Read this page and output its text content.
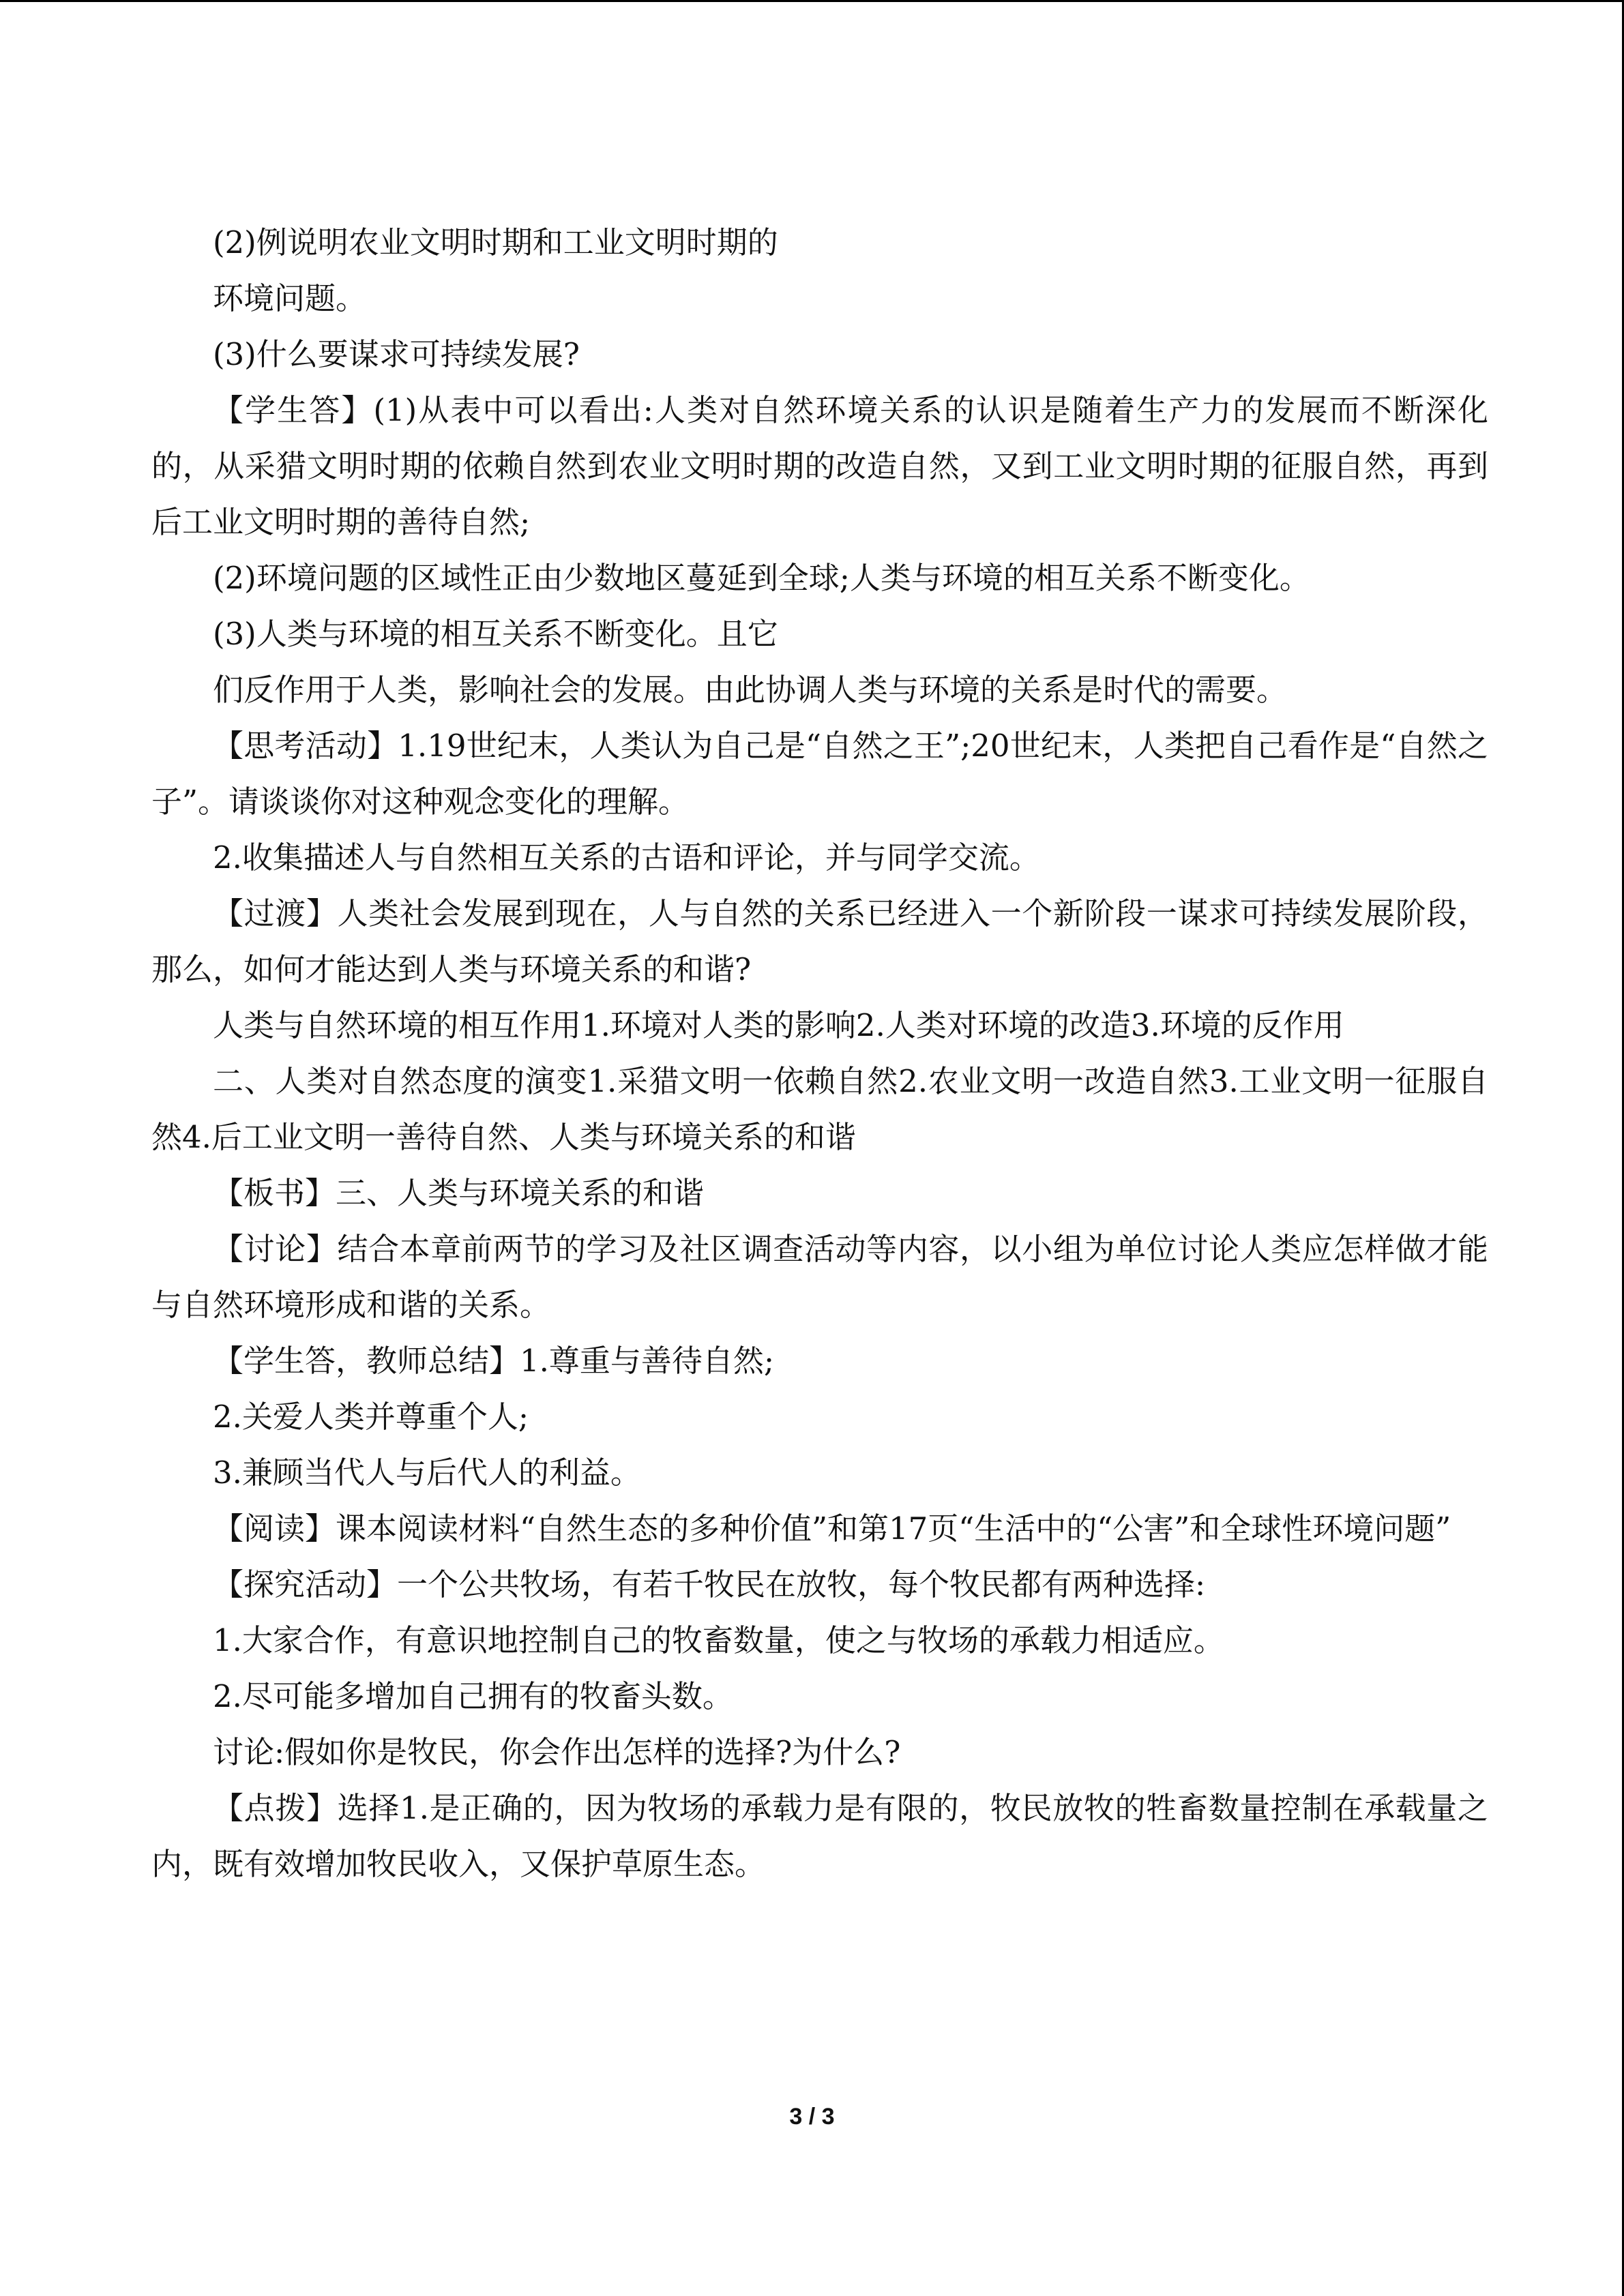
(2)例说明农业文明时期和工业文明时期的

环境问题。

(3)什么要谋求可持续发展?

【学生答】(1)从表中可以看出:人类对自然环境关系的认识是随着生产力的发展而不断深化的，从采猎文明时期的依赖自然到农业文明时期的改造自然，又到工业文明时期的征服自然，再到后工业文明时期的善待自然;

(2)环境问题的区域性正由少数地区蔓延到全球;人类与环境的相互关系不断变化。

(3)人类与环境的相互关系不断变化。且它

们反作用于人类，影响社会的发展。由此协调人类与环境的关系是时代的需要。

【思考活动】1.19世纪末，人类认为自己是“自然之王”;20世纪末，人类把自己看作是“自然之子”。请谈谈你对这种观念变化的理解。

2.收集描述人与自然相互关系的古语和评论，并与同学交流。

【过渡】人类社会发展到现在，人与自然的关系已经进入一个新阶段一谋求可持续发展阶段，那么，如何才能达到人类与环境关系的和谐?

人类与自然环境的相互作用1.环境对人类的影响2.人类对环境的改造3.环境的反作用

二、人类对自然态度的演变1.采猎文明一依赖自然2.农业文明一改造自然3.工业文明一征服自然4.后工业文明一善待自然、人类与环境关系的和谐

【板书】三、人类与环境关系的和谐

【讨论】结合本章前两节的学习及社区调查活动等内容，以小组为单位讨论人类应怎样做才能与自然环境形成和谐的关系。

【学生答，教师总结】1.尊重与善待自然;

2.关爱人类并尊重个人;

3.兼顾当代人与后代人的利益。

【阅读】课本阅读材料“自然生态的多种价值”和第17页“生活中的“公害”和全球性环境问题”

【探究活动】一个公共牧场，有若千牧民在放牧，每个牧民都有两种选择:

1.大家合作，有意识地控制自己的牧畜数量，使之与牧场的承载力相适应。

2.尽可能多增加自己拥有的牧畜头数。

讨论:假如你是牧民，你会作出怎样的选择?为什么?

【点拨】选择1.是正确的，因为牧场的承载力是有限的，牧民放牧的牲畜数量控制在承载量之内，既有效增加牧民收入，又保护草原生态。

3 / 3
